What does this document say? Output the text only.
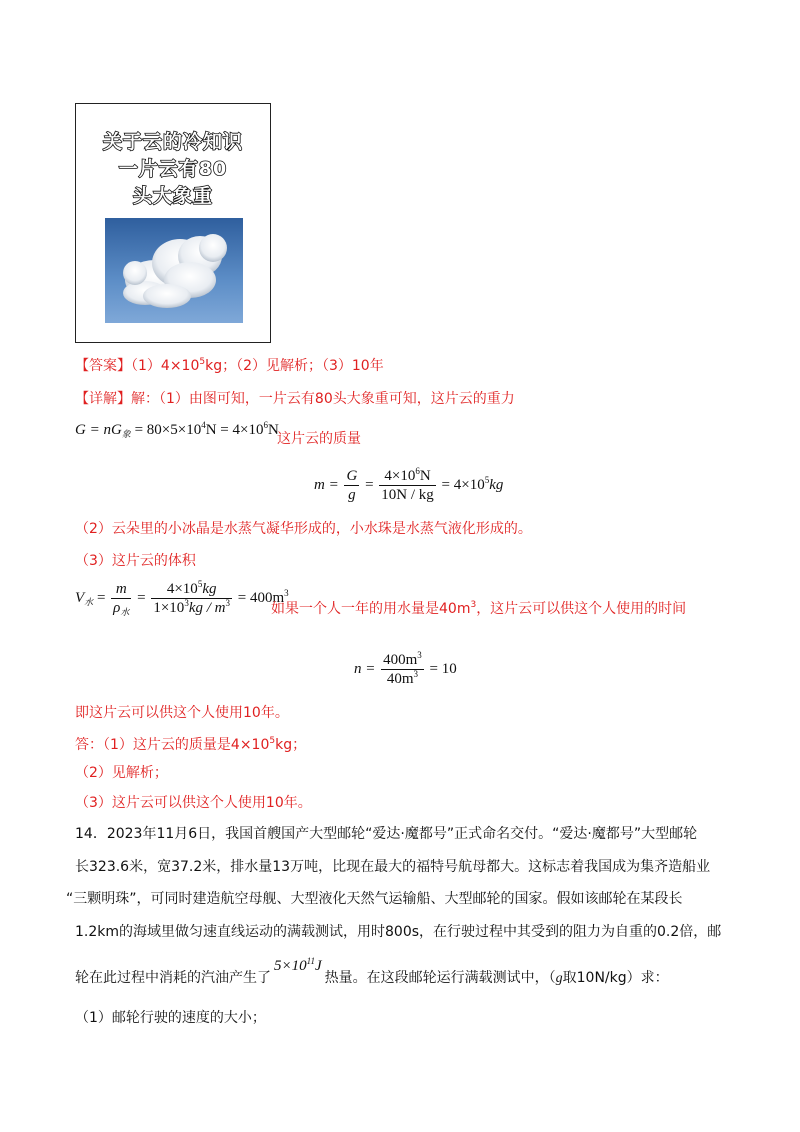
关于云的冷知识
一片云有80
头大象重
【答案】$(1)4\times 10^5kg$；（2）见解析；（3）10年
【详解】解：（1）由图可知，一片云有80头大象重可知，这片云的重力
$G = nG_象 = 80\times 5\times 10^4N = 4\times 10^6N$
这片云的质量
$m = \frac{G}{g} = \frac{4\times 10^6N}{10N / kg} = 4\times 10^5kg$
（2）云朵里的小冰晶是水蒸气凝华形成的，小水珠是水蒸气液化形成的。
（3）这片云的体积
$V_水 = \frac{m}{\rho_水} = \frac{4\times 10^5kg}{1\times 10^3kg / m^3} = 400m^3$
如果一个人一年的用水量是$40m^3$，这片云可以供这个人使用的时间
$n = \frac{400m^3}{40m^3} = 10$
即这片云可以供这个人使用10年。
答：（1）这片云的质量是$4\times 10^5kg$；
（2）见解析；
（3）这片云可以供这个人使用10年。
14．2023年11月6日，我国首艘国产大型邮轮“爱达·魔都号”正式命名交付。“爱达·魔都号”大型邮轮
长323.6米，宽37.2米，排水量13万吨，比现在最大的福特号航母都大。这标志着我国成为集齐造船业
“三颗明珠”，可同时建造航空母舰、大型液化天然气运输船、大型邮轮的国家。假如该邮轮在某段长
1.2km的海域里做匀速直线运动的满载测试，用时800s，在行驶过程中其受到的阻力为自重的0.2倍，邮
轮在此过程中消耗的汽油产生了$5\times 10^{11}J$热量。在这段邮轮运行满载测试中，（g取10N/kg）求：
（1）邮轮行驶的速度的大小；
